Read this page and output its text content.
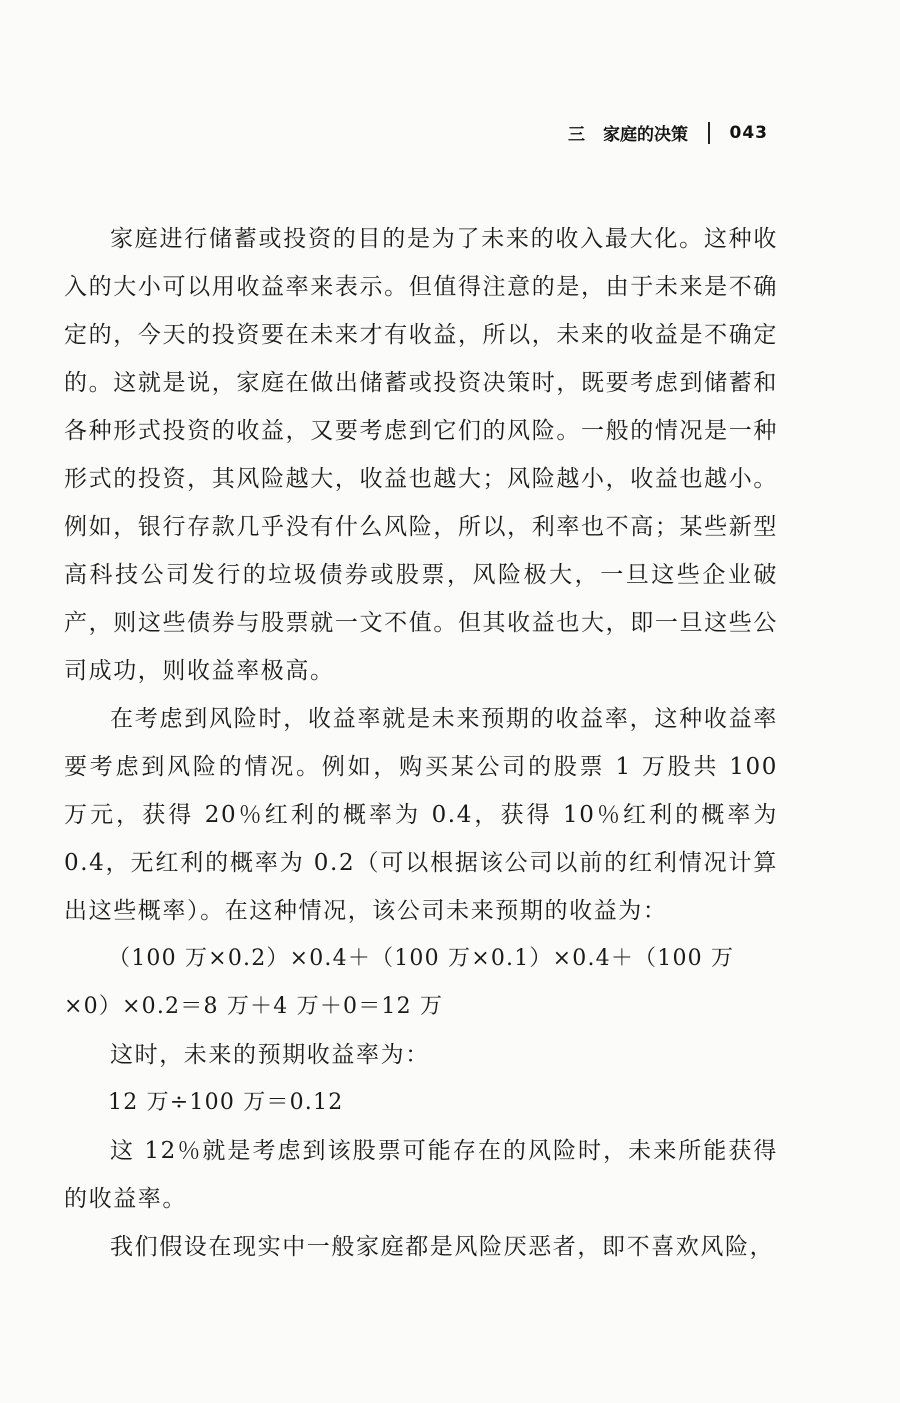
三 家庭的决策 043

家庭进行储蓄或投资的目的是为了未来的收入最大化。这种收入的大小可以用收益率来表示。但值得注意的是，由于未来是不确定的，今天的投资要在未来才有收益，所以，未来的收益是不确定的。这就是说，家庭在做出储蓄或投资决策时，既要考虑到储蓄和各种形式投资的收益，又要考虑到它们的风险。一般的情况是一种形式的投资，其风险越大，收益也越大；风险越小，收益也越小。例如，银行存款几乎没有什么风险，所以，利率也不高；某些新型高科技公司发行的垃圾债券或股票，风险极大，一旦这些企业破产，则这些债券与股票就一文不值。但其收益也大，即一旦这些公司成功，则收益率极高。

在考虑到风险时，收益率就是未来预期的收益率，这种收益率要考虑到风险的情况。例如，购买某公司的股票 1 万股共 100 万元，获得 20％红利的概率为 0.4，获得 10％红利的概率为 0.4，无红利的概率为 0.2（可以根据该公司以前的红利情况计算出这些概率）。在这种情况，该公司未来预期的收益为：

（100 万×0.2）×0.4＋（100 万×0.1）×0.4＋（100 万×0）×0.2＝8 万＋4 万＋0＝12 万

这时，未来的预期收益率为：

12 万÷100 万＝0.12

这 12％就是考虑到该股票可能存在的风险时，未来所能获得的收益率。

我们假设在现实中一般家庭都是风险厌恶者，即不喜欢风险，
